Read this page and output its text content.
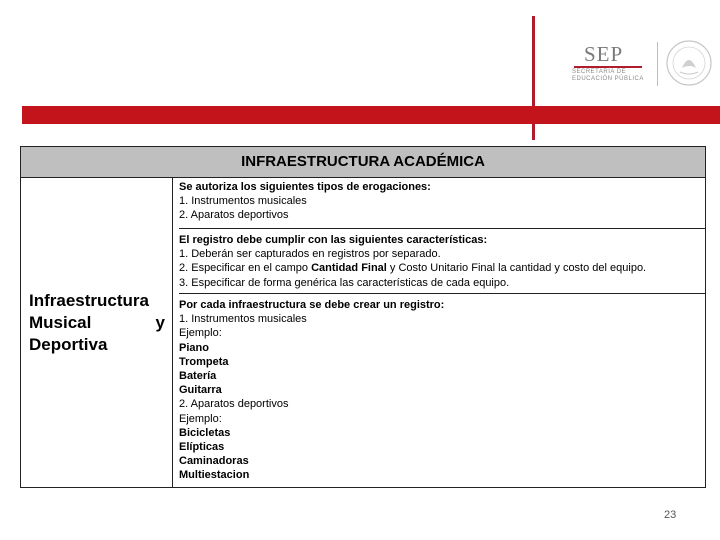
SEP
SECRETARÍA DE
EDUCACIÓN PÚBLICA
INFRAESTRUCTURA ACADÉMICA
Infraestructura
Musical	y
Deportiva
Se autoriza los siguientes tipos de erogaciones:
1. Instrumentos musicales
2. Aparatos deportivos
El registro debe cumplir con las siguientes características:
1. Deberán ser capturados en registros por separado.
2. Especificar en el campo Cantidad Final y Costo Unitario Final la cantidad y costo del equipo.
3. Especificar de forma genérica las características de cada equipo.
Por cada infraestructura se debe crear un registro:
1. Instrumentos musicales
Ejemplo:
Piano
Trompeta
Batería
Guitarra
2. Aparatos deportivos
Ejemplo:
Bicicletas
Elípticas
Caminadoras
Multiestacion
23
